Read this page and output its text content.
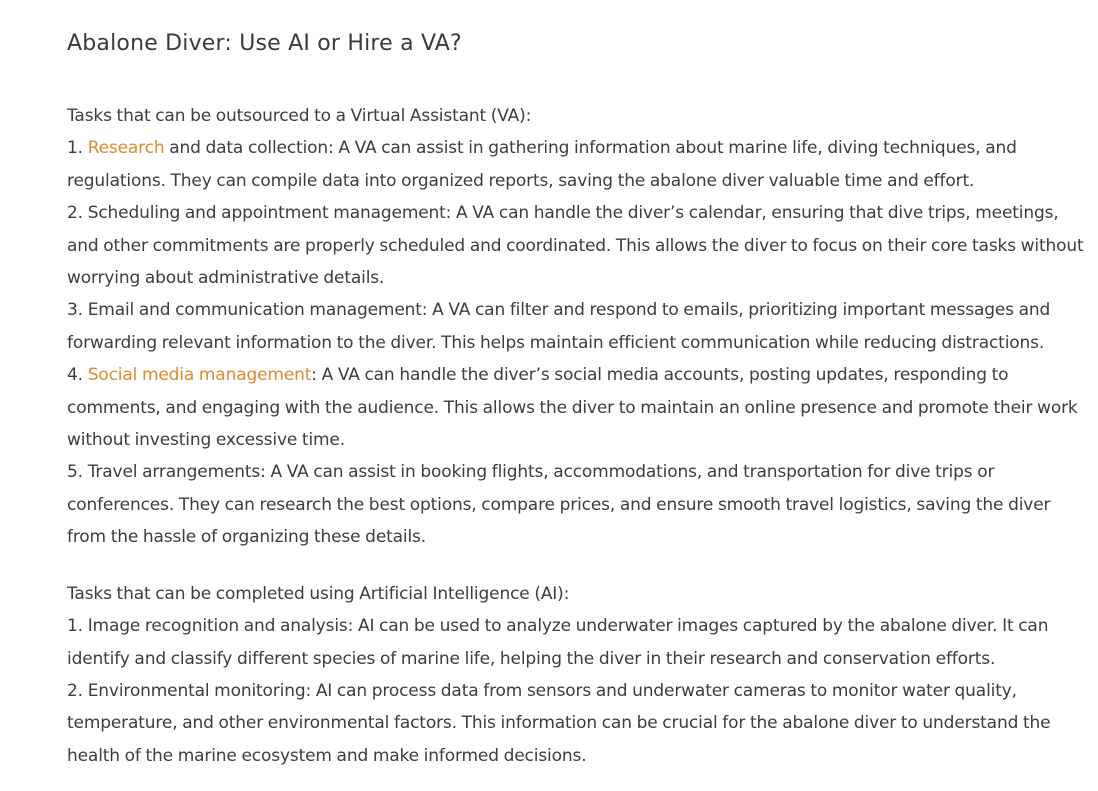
Abalone Diver: Use AI or Hire a VA?

Tasks that can be outsourced to a Virtual Assistant (VA):

1. Research and data collection: A VA can assist in gathering information about marine life, diving techniques, and regulations. They can compile data into organized reports, saving the abalone diver valuable time and effort.

2. Scheduling and appointment management: A VA can handle the diver’s calendar, ensuring that dive trips, meetings, and other commitments are properly scheduled and coordinated. This allows the diver to focus on their core tasks without worrying about administrative details.

3. Email and communication management: A VA can filter and respond to emails, prioritizing important messages and forwarding relevant information to the diver. This helps maintain efficient communication while reducing distractions.

4. Social media management: A VA can handle the diver’s social media accounts, posting updates, responding to comments, and engaging with the audience. This allows the diver to maintain an online presence and promote their work without investing excessive time.

5. Travel arrangements: A VA can assist in booking flights, accommodations, and transportation for dive trips or conferences. They can research the best options, compare prices, and ensure smooth travel logistics, saving the diver from the hassle of organizing these details.

Tasks that can be completed using Artificial Intelligence (AI):

1. Image recognition and analysis: AI can be used to analyze underwater images captured by the abalone diver. It can identify and classify different species of marine life, helping the diver in their research and conservation efforts.

2. Environmental monitoring: AI can process data from sensors and underwater cameras to monitor water quality, temperature, and other environmental factors. This information can be crucial for the abalone diver to understand the health of the marine ecosystem and make informed decisions.
